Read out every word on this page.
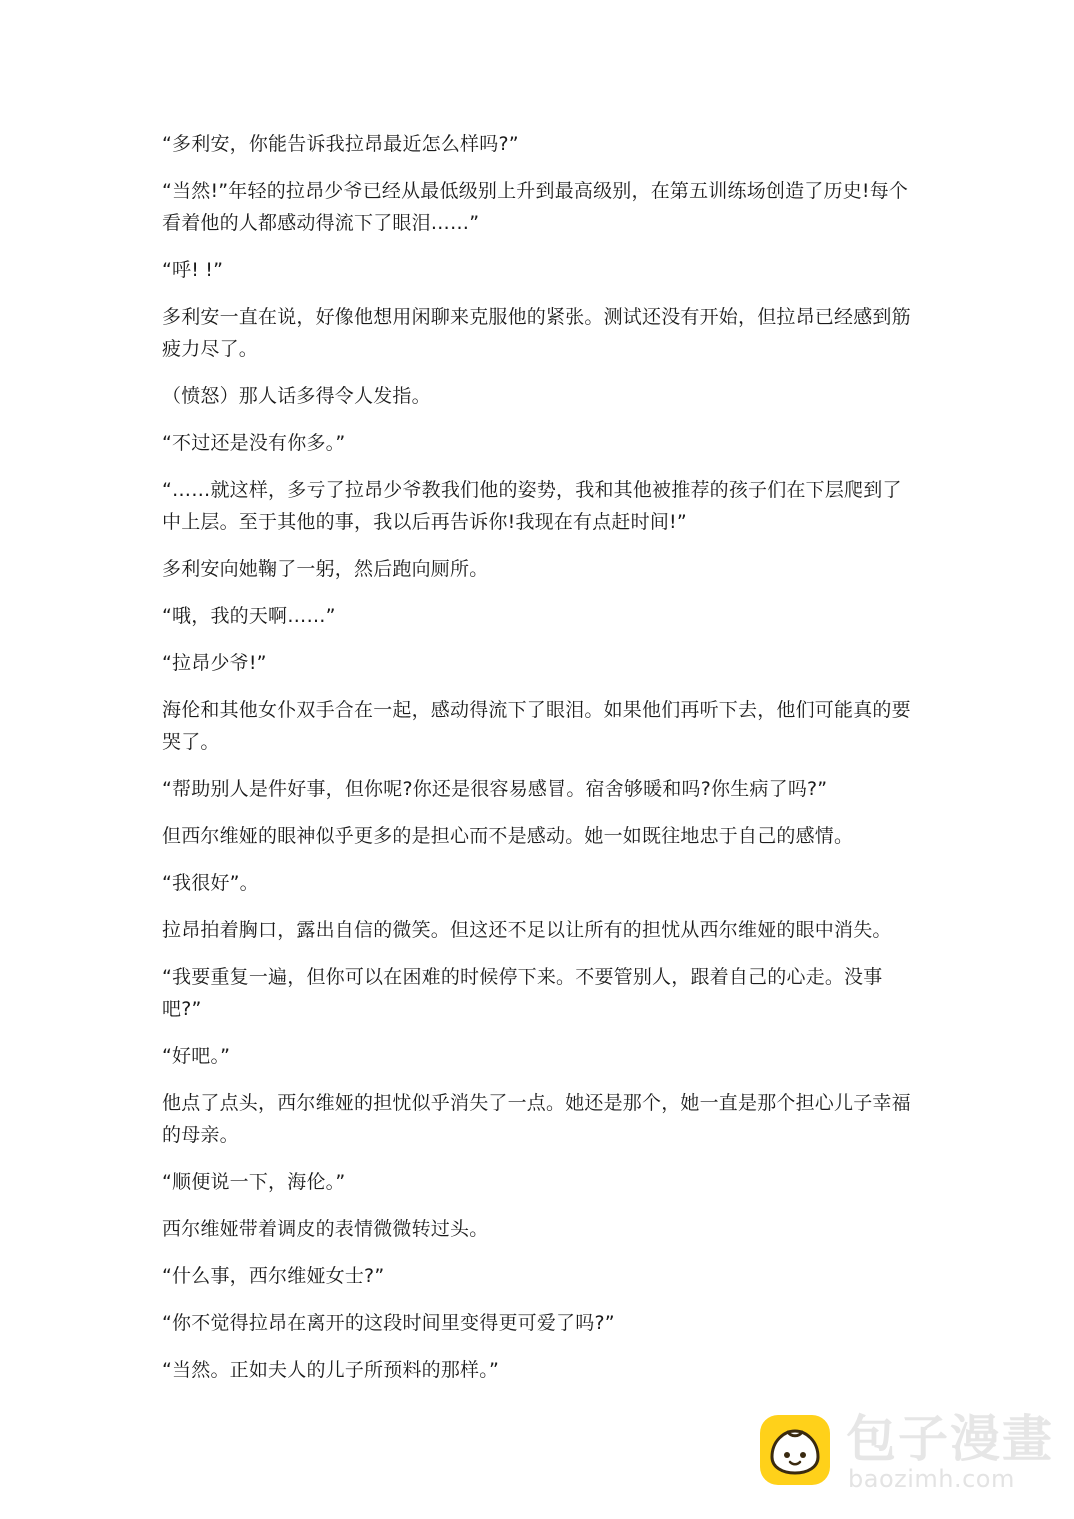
“多利安，你能告诉我拉昂最近怎么样吗?”

“当然!”年轻的拉昂少爷已经从最低级别上升到最高级别，在第五训练场创造了历史!每个看着他的人都感动得流下了眼泪……”

“呼! !”

多利安一直在说，好像他想用闲聊来克服他的紧张。测试还没有开始，但拉昂已经感到筋疲力尽了。

（愤怒）那人话多得令人发指。

“不过还是没有你多。”

“……就这样，多亏了拉昂少爷教我们他的姿势，我和其他被推荐的孩子们在下层爬到了中上层。至于其他的事，我以后再告诉你!我现在有点赶时间!”

多利安向她鞠了一躬，然后跑向厕所。

“哦，我的天啊……”

“拉昂少爷!”

海伦和其他女仆双手合在一起，感动得流下了眼泪。如果他们再听下去，他们可能真的要哭了。

“帮助别人是件好事，但你呢?你还是很容易感冒。宿舍够暖和吗?你生病了吗?”

但西尔维娅的眼神似乎更多的是担心而不是感动。她一如既往地忠于自己的感情。

“我很好”。

拉昂拍着胸口，露出自信的微笑。但这还不足以让所有的担忧从西尔维娅的眼中消失。

“我要重复一遍，但你可以在困难的时候停下来。不要管别人，跟着自己的心走。没事吧?”

“好吧。”

他点了点头，西尔维娅的担忧似乎消失了一点。她还是那个，她一直是那个担心儿子幸福的母亲。

“顺便说一下，海伦。”

西尔维娅带着调皮的表情微微转过头。

“什么事，西尔维娅女士?”

“你不觉得拉昂在离开的这段时间里变得更可爱了吗?”

“当然。正如夫人的儿子所预料的那样。”

包子漫畫
baozimh.com
